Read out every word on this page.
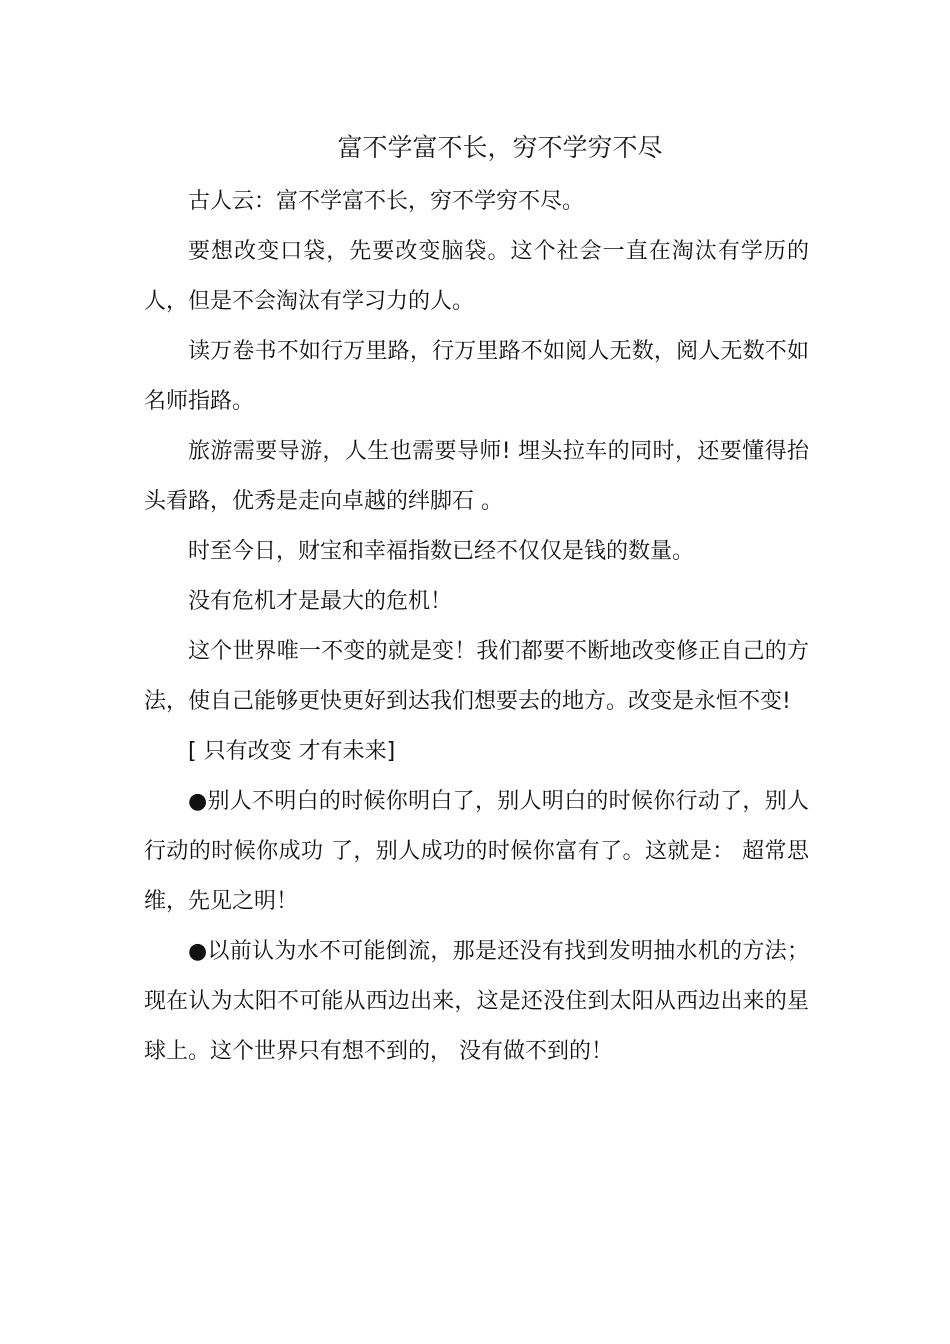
富不学富不长，穷不学穷不尽

古人云：富不学富不长，穷不学穷不尽。

要想改变口袋，先要改变脑袋。这个社会一直在淘汰有学历的人，但是不会淘汰有学习力的人。

读万卷书不如行万里路，行万里路不如阅人无数，阅人无数不如名师指路。

旅游需要导游，人生也需要导师! 埋头拉车的同时，还要懂得抬头看路，优秀是走向卓越的绊脚石 。

时至今日，财宝和幸福指数已经不仅仅是钱的数量。

没有危机才是最大的危机！

这个世界唯一不变的就是变！我们都要不断地改变修正自己的方法，使自己能够更快更好到达我们想要去的地方。改变是永恒不变!

[ 只有改变 才有未来]

●别人不明白的时候你明白了，别人明白的时候你行动了，别人行动的时候你成功 了，别人成功的时候你富有了。这就是： 超常思维，先见之明！

●以前认为水不可能倒流，那是还没有找到发明抽水机的方法；现在认为太阳不可能从西边出来，这是还没住到太阳从西边出来的星球上。这个世界只有想不到的， 没有做不到的！
